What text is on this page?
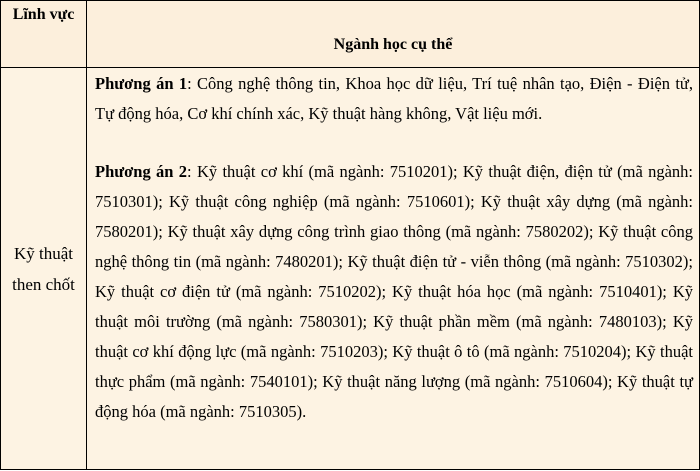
Lĩnh vực	Ngành học cụ thể
Kỹ thuật then chốt	Phương án 1: Công nghệ thông tin, Khoa học dữ liệu, Trí tuệ nhân tạo, Điện - Điện tử, Tự động hóa, Cơ khí chính xác, Kỹ thuật hàng không, Vật liệu mới.
Phương án 2: Kỹ thuật cơ khí (mã ngành: 7510201); Kỹ thuật điện, điện tử (mã ngành: 7510301); Kỹ thuật công nghiệp (mã ngành: 7510601); Kỹ thuật xây dựng (mã ngành: 7580201); Kỹ thuật xây dựng công trình giao thông (mã ngành: 7580202); Kỹ thuật công nghệ thông tin (mã ngành: 7480201); Kỹ thuật điện tử - viễn thông (mã ngành: 7510302); Kỹ thuật cơ điện tử (mã ngành: 7510202); Kỹ thuật hóa học (mã ngành: 7510401); Kỹ thuật môi trường (mã ngành: 7580301); Kỹ thuật phần mềm (mã ngành: 7480103); Kỹ thuật cơ khí động lực (mã ngành: 7510203); Kỹ thuật ô tô (mã ngành: 7510204); Kỹ thuật thực phẩm (mã ngành: 7540101); Kỹ thuật năng lượng (mã ngành: 7510604); Kỹ thuật tự động hóa (mã ngành: 7510305).
